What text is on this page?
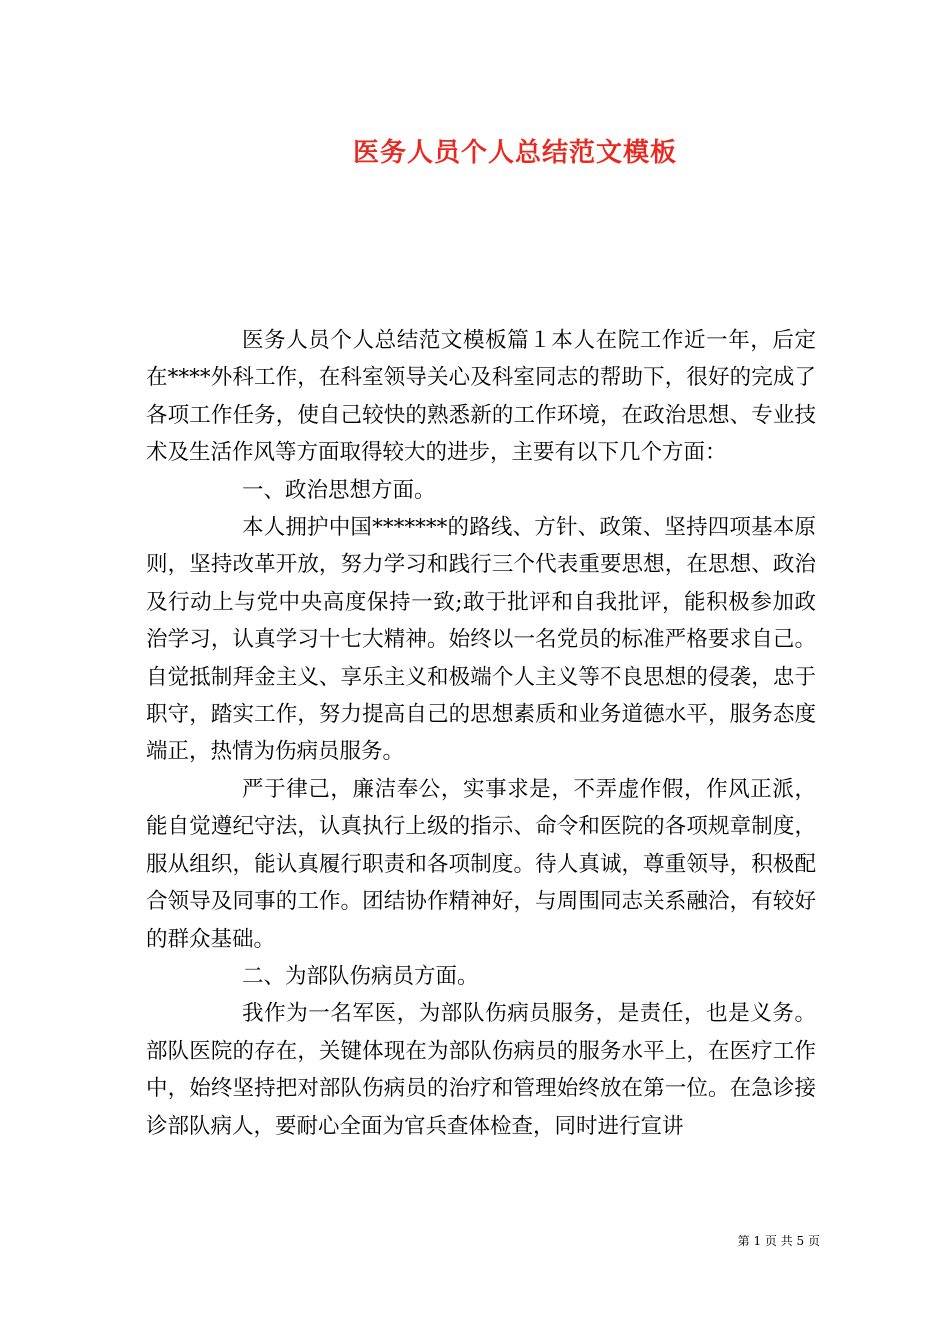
医务人员个人总结范文模板

医务人员个人总结范文模板篇１本人在院工作近一年，后定在****外科工作，在科室领导关心及科室同志的帮助下，很好的完成了各项工作任务，使自己较快的熟悉新的工作环境，在政治思想、专业技术及生活作风等方面取得较大的进步，主要有以下几个方面：

一、政治思想方面。

本人拥护中国*******的路线、方针、政策、坚持四项基本原则，坚持改革开放，努力学习和践行三个代表重要思想，在思想、政治及行动上与党中央高度保持一致;敢于批评和自我批评，能积极参加政治学习，认真学习十七大精神。始终以一名党员的标准严格要求自己。自觉抵制拜金主义、享乐主义和极端个人主义等不良思想的侵袭，忠于职守，踏实工作，努力提高自己的思想素质和业务道德水平，服务态度端正，热情为伤病员服务。

严于律己，廉洁奉公，实事求是，不弄虚作假，作风正派，能自觉遵纪守法，认真执行上级的指示、命令和医院的各项规章制度，服从组织，能认真履行职责和各项制度。待人真诚，尊重领导，积极配合领导及同事的工作。团结协作精神好，与周围同志关系融洽，有较好的群众基础。

二、为部队伤病员方面。

我作为一名军医，为部队伤病员服务，是责任，也是义务。部队医院的存在，关键体现在为部队伤病员的服务水平上，在医疗工作中，始终坚持把对部队伤病员的治疗和管理始终放在第一位。在急诊接诊部队病人，要耐心全面为官兵查体检查，同时进行宣讲

第 1 页 共 5 页
